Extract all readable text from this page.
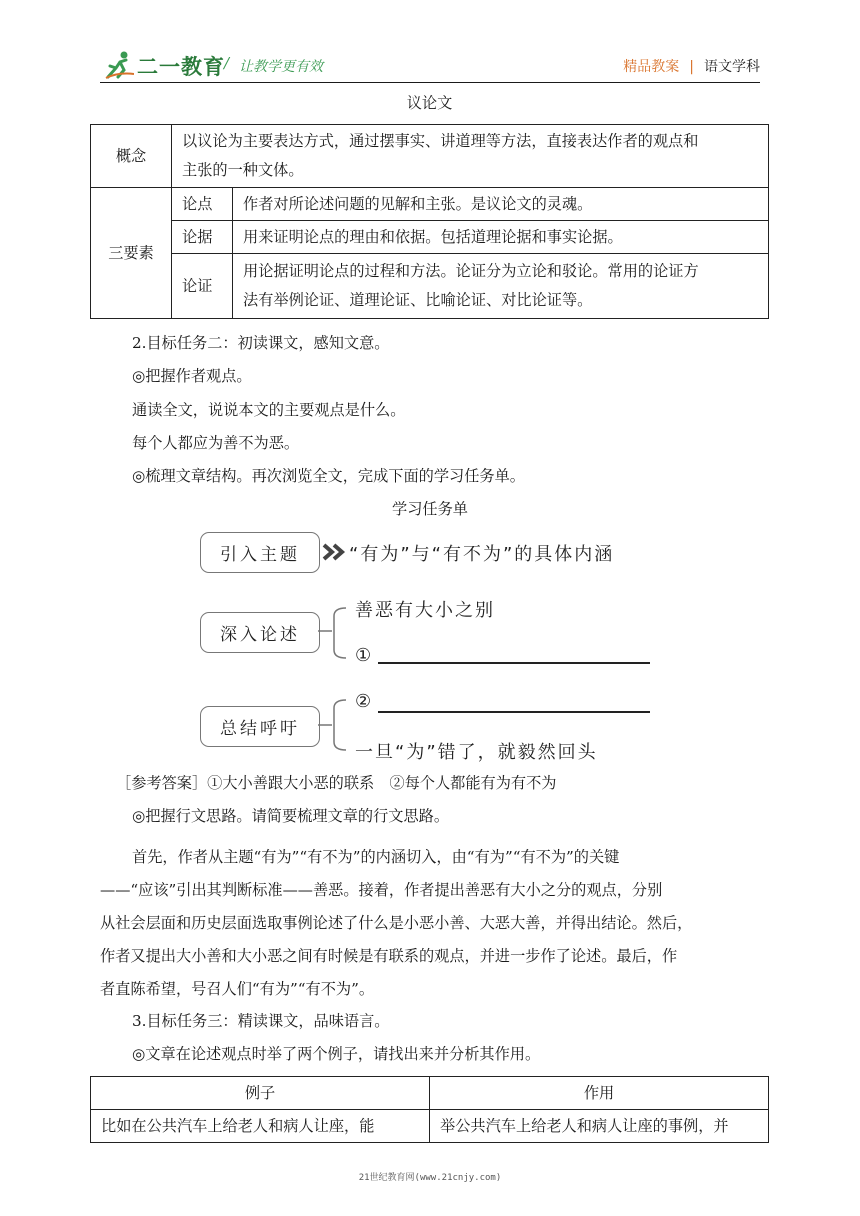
二一教育 / 让教学更有效	精品教案 | 语文学科
议论文
概念	以议论为主要表达方式，通过摆事实、讲道理等方法，直接表达作者的观点和
主张的一种文体。	

三要素	论点	作者对所论述问题的见解和主张。是议论文的灵魂。
	论据	用来证明论点的理由和依据。包括道理论据和事实论据。
	论证	用论据证明论点的过程和方法。论证分为立论和驳论。常用的论证方
法有举例论证、道理论证、比喻论证、对比论证等。
2.目标任务二：初读课文，感知文意。
◎把握作者观点。
通读全文，说说本文的主要观点是什么。
每个人都应为善不为恶。
◎梳理文章结构。再次浏览全文，完成下面的学习任务单。
学习任务单
引入主题	“有为”与“有不为”的具体内涵
深入论述
善恶有大小之别
①
总结呼吁
②
一旦“为”错了，就毅然回头
［参考答案］①大小善跟大小恶的联系　②每个人都能有为有不为
◎把握行文思路。请简要梳理文章的行文思路。
首先，作者从主题“有为”“有不为”的内涵切入，由“有为”“有不为”的关键
——“应该”引出其判断标准——善恶。接着，作者提出善恶有大小之分的观点，分别
从社会层面和历史层面选取事例论述了什么是小恶小善、大恶大善，并得出结论。然后，
作者又提出大小善和大小恶之间有时候是有联系的观点，并进一步作了论述。最后，作
者直陈希望，号召人们“有为”“有不为”。
3.目标任务三：精读课文，品味语言。
◎文章在论述观点时举了两个例子，请找出来并分析其作用。
例子	作用
比如在公共汽车上给老人和病人让座，能	举公共汽车上给老人和病人让座的事例，并
21世纪教育网(www.21cnjy.com)
